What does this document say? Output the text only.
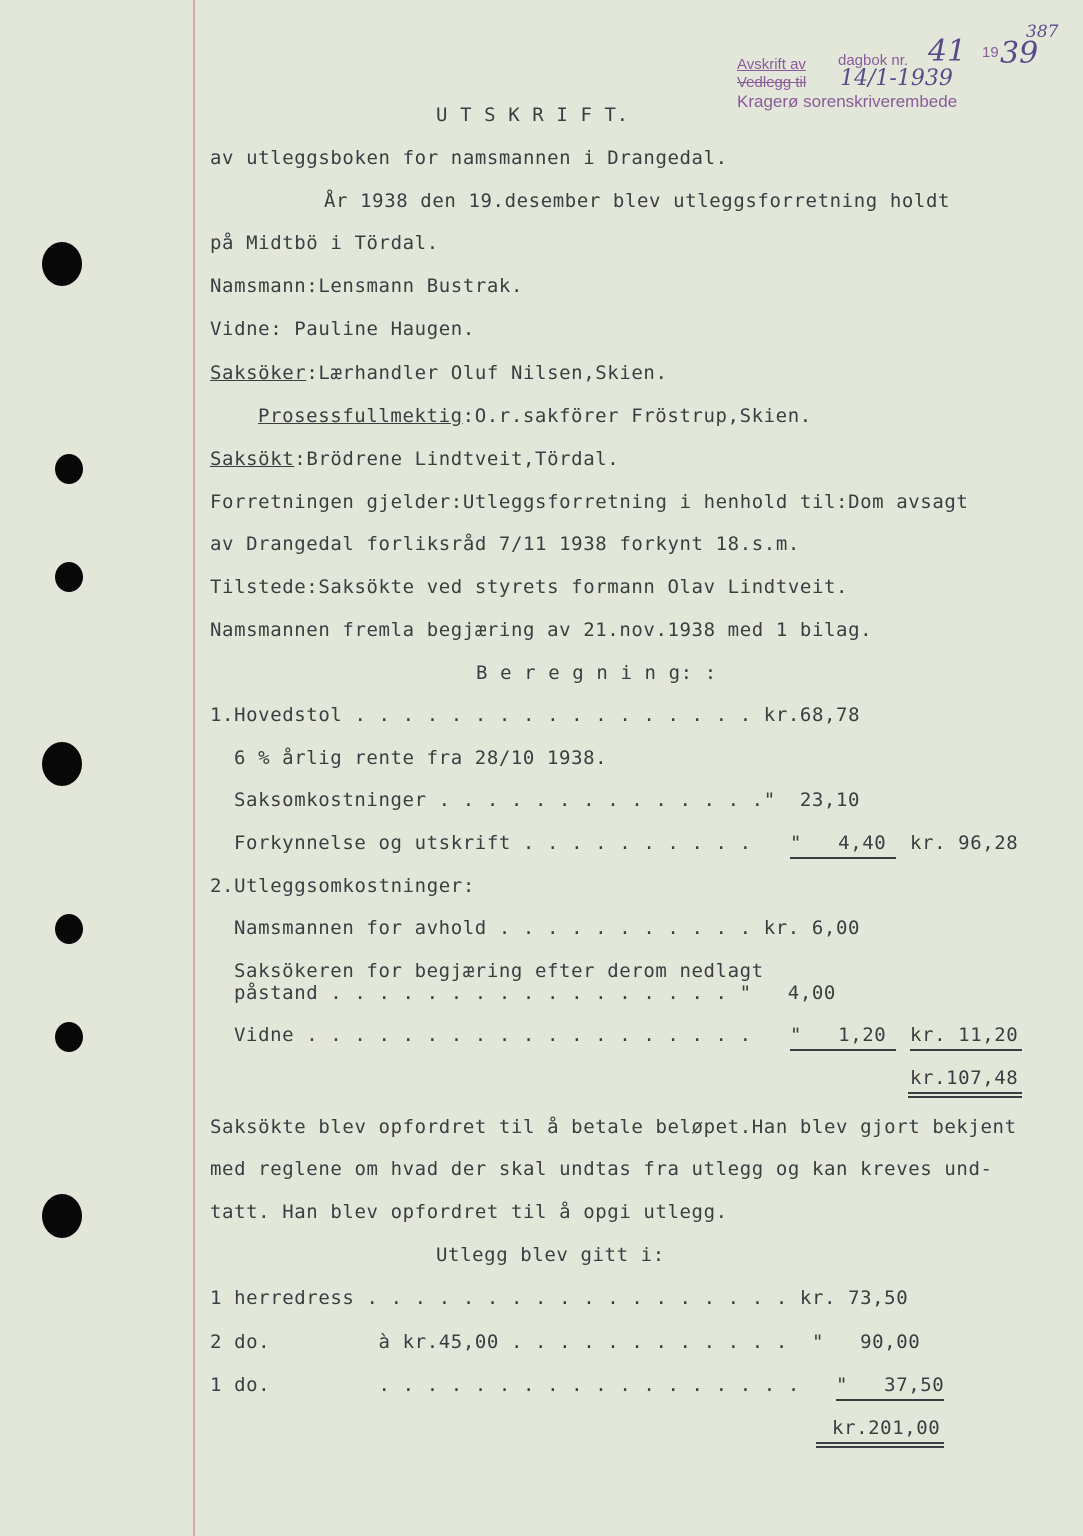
Avskrift av dagbok nr.
Vedlegg til
Kragerø sorenskriverembede
19
41 39
387
14/1-1939
U T S K R I F T.
av utleggsboken for namsmannen i Drangedal.
År 1938 den 19.desember blev utleggsforretning holdt
på Midtbö i Tördal.
Namsmann:Lensmann Bustrak.
Vidne: Pauline Haugen.
Saksöker:Lærhandler Oluf Nilsen,Skien.
Prosessfullmektig:O.r.sakförer Fröstrup,Skien.
Saksökt:Brödrene Lindtveit,Tördal.
Forretningen gjelder:Utleggsforretning i henhold til:Dom avsagt
av Drangedal forliksråd 7/11 1938 forkynt 18.s.m.
Tilstede:Saksökte ved styrets formann Olav Lindtveit.
Namsmannen fremla begjæring av 21.nov.1938 med 1 bilag.
B e r e g n i n g: :
1.Hovedstol . . . . . . . . . . . . . . . . . kr.68,78
6 % årlig rente fra 28/10 1938.
Saksomkostninger . . . . . . . . . . . . . ."  23,10
Forkynnelse og utskrift . . . . . . . . . . "   4,40 kr. 96,28
2.Utleggsomkostninger:
Namsmannen for avhold . . . . . . . . . . . kr. 6,00
Saksökeren for begjæring efter derom nedlagt
påstand . . . . . . . . . . . . . . . . . "   4,00
Vidne . . . . . . . . . . . . . . . . . . . "   1,20 kr. 11,20
kr.107,48
Saksökte blev opfordret til å betale beløpet.Han blev gjort bekjent
med reglene om hvad der skal undtas fra utlegg og kan kreves und-
tatt. Han blev opfordret til å opgi utlegg.
Utlegg blev gitt i:
1 herredress . . . . . . . . . . . . . . . . . . kr. 73,50
2 do.         à kr.45,00 . . . . . . . . . . . .  "   90,00
1 do.         . . . . . . . . . . . . . . . . . . "   37,50
kr.201,00
